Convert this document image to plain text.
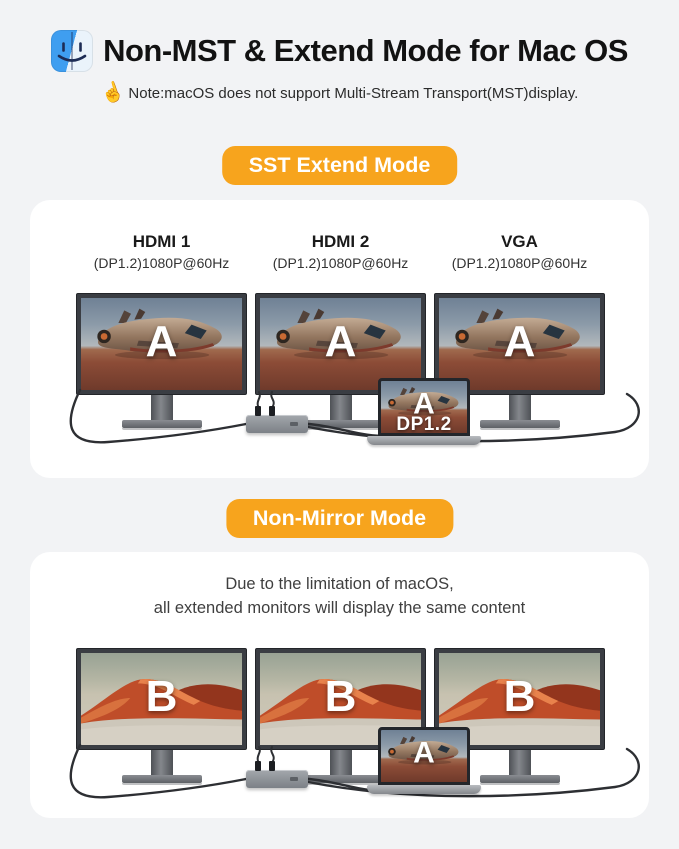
Non-MST & Extend Mode for Mac OS
☝ Note:macOS does not support Multi-Stream Transport(MST)display.
SST Extend Mode
HDMI 1
(DP1.2)1080P@60Hz
HDMI 2
(DP1.2)1080P@60Hz
VGA
(DP1.2)1080P@60Hz
A	A	A
A
DP1.2
Non-Mirror Mode
Due to the limitation of macOS,
all extended monitors will display the same content
B	B	B
A
